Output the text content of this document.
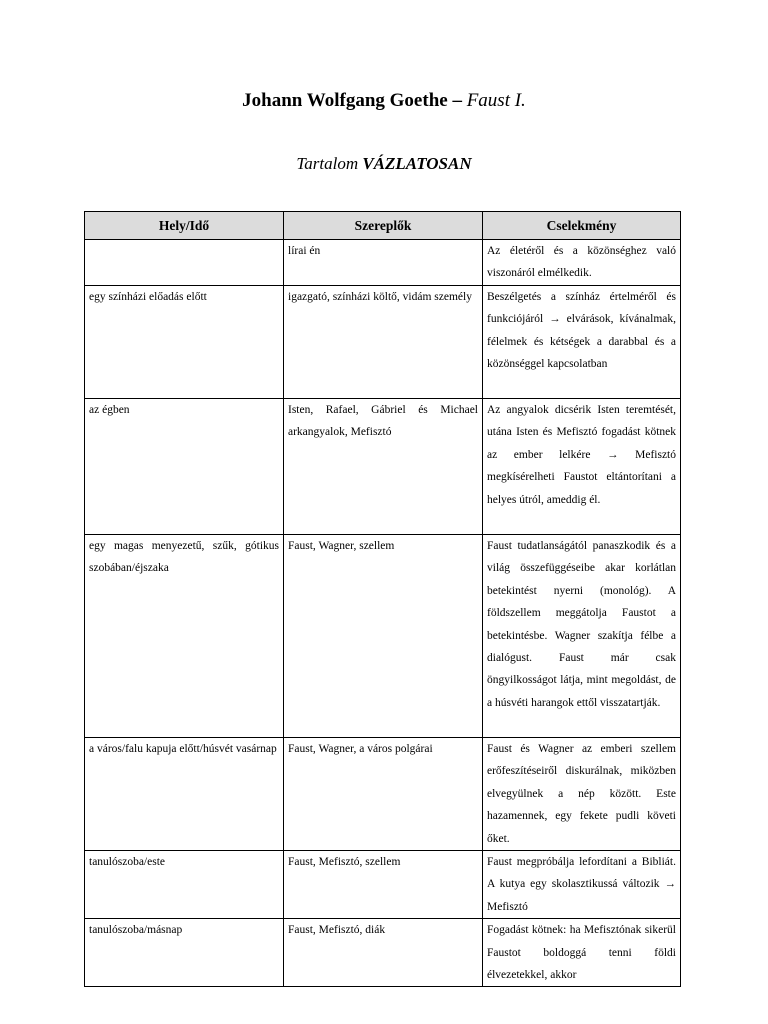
Johann Wolfgang Goethe – Faust I.
Tartalom VÁZLATOSAN
Hely/Idő	Szereplők	Cselekmény
	lírai én	Az életéről és a közönséghez való viszonáról elmélkedik.
egy színházi előadás előtt	igazgató, színházi költő, vidám személy	Beszélgetés a színház értelméről és funkciójáról → elvárások, kívánalmak, félelmek és kétségek a darabbal és a közönséggel kapcsolatban
az égben	Isten, Rafael, Gábriel és Michael arkangyalok, Mefisztó	Az angyalok dicsérik Isten teremtését, utána Isten és Mefisztó fogadást kötnek az ember lelkére → Mefisztó megkísérelheti Faustot eltántorítani a helyes útról, ameddig él.
egy magas menyezetű, szűk, gótikus szobában/éjszaka	Faust, Wagner, szellem	Faust tudatlanságától panaszkodik és a világ összefüggéseibe akar korlátlan betekintést nyerni (monológ). A földszellem meggátolja Faustot a betekintésbe. Wagner szakítja félbe a dialógust. Faust már csak öngyilkosságot látja, mint megoldást, de a húsvéti harangok ettől visszatartják.
a város/falu kapuja előtt/húsvét vasárnap	Faust, Wagner, a város polgárai	Faust és Wagner az emberi szellem erőfeszítéseiről diskurálnak, miközben elvegyülnek a nép között. Este hazamennek, egy fekete pudli követi őket.
tanulószoba/este	Faust, Mefisztó, szellem	Faust megpróbálja lefordítani a Bibliát. A kutya egy skolasztikussá változik → Mefisztó
tanulószoba/másnap	Faust, Mefisztó, diák	Fogadást kötnek: ha Mefisztónak sikerül Faustot boldoggá tenni földi élvezetekkel, akkor
